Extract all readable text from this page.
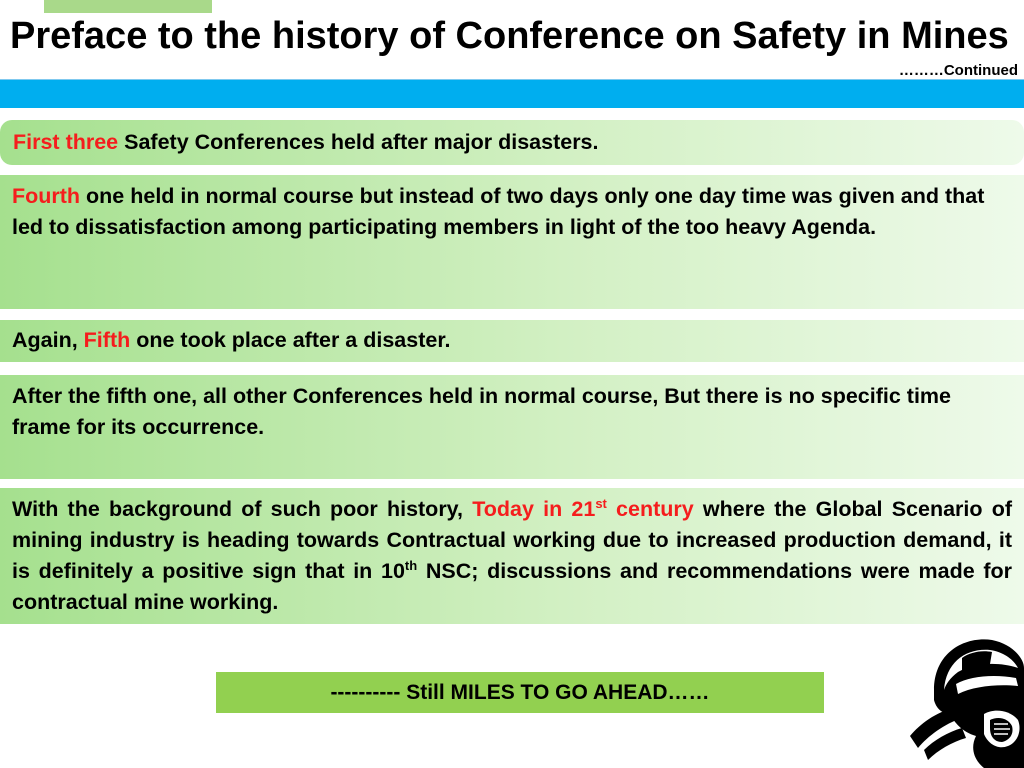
Preface to the history of Conference on Safety in Mines
………Continued
First three Safety Conferences held after major disasters.
Fourth one held in normal course but instead of two days only one day time was given and that led to dissatisfaction among participating members in light of the too heavy Agenda.
Again, Fifth one took place after a disaster.
After the fifth one, all other Conferences held in normal course, But there is no specific time frame for its occurrence.
With the background of such poor history, Today in 21st century where the Global Scenario of mining industry is heading towards Contractual working due to increased production demand, it is definitely a positive sign that in 10th NSC; discussions and recommendations were made for contractual mine working.
---------- Still MILES TO GO AHEAD……
